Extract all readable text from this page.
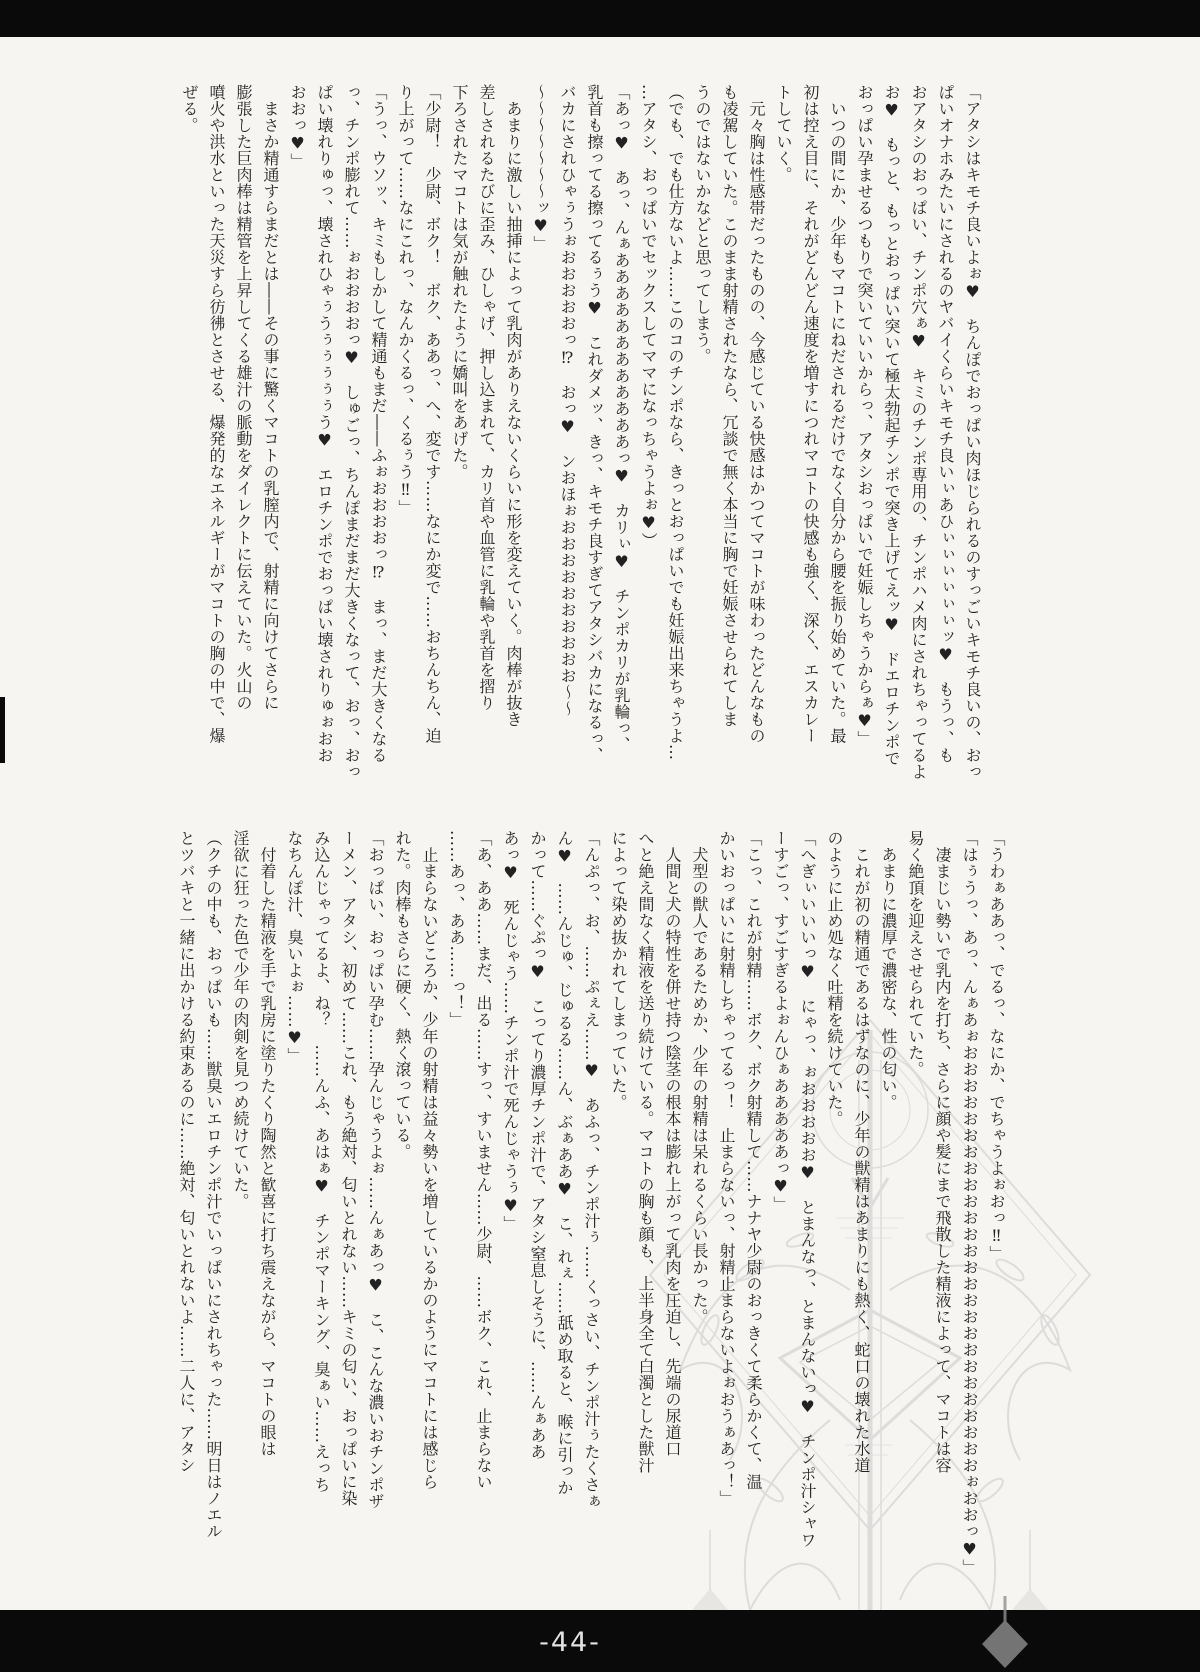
「アタシはキモチ良いよぉ♥　ちんぽでおっぱい肉ほじられるのすっごいキモチ良いの、おっ
ぱいオナホみたいにされるのヤバイくらいキモチ良いぃあひぃぃぃぃぃぃッ♥　もうっ、も
おアタシのおっぱい、チンポ穴ぁ♥　キミのチンポ専用の、チンポハメ肉にされちゃってるよ
お♥　もっと、もっとおっぱい突いて極太勃起チンポで突き上げてえッ♥　ドエロチンポで
おっぱい孕ませるつもりで突いていいからっ、アタシおっぱいで妊娠しちゃうからぁ♥」
　いつの間にか、少年もマコトにねだされるだけでなく自分から腰を振り始めていた。最
初は控え目に、それがどんどん速度を増すにつれマコトの快感も強く、深く、エスカレー
トしていく。
　元々胸は性感帯だったものの、今感じている快感はかつてマコトが味わったどんなもの
も凌駕していた。このまま射精されたなら、冗談で無く本当に胸で妊娠させられてしま
うのではないかなどと思ってしまう。
（でも、でも仕方ないよ……このコのチンポなら、きっとおっぱいでも妊娠出来ちゃうよ…
…アタシ、おっぱいでセックスしてママになっちゃうよぉ♥）
「あっ♥　あっ、んぁああああああああああああっ♥　カリぃ♥　チンポカリが乳輪っ、
乳首も擦ってる擦ってるぅう♥　これダメッ、きっ、キモチ良すぎてアタシバカになるっ、
バカにされひゃぅうぉおおおおおっ⁉　おっ♥　ンおほぉおおおおおおおおおお〜〜
〜〜〜〜〜〜〜ッ♥」
　あまりに激しい抽挿によって乳肉がありえないくらいに形を変えていく。肉棒が抜き
差しされるたびに歪み、ひしゃげ、押し込まれて、カリ首や血管に乳輪や乳首を摺り
下ろされたマコトは気が触れたように嬌叫をあげた。
「少尉！　少尉、ボク！　ボク、ああっ、へ、変です……なにか変で……おちんちん、迫
り上がって……なにこれっ、なんかくるっ、くるぅう‼」
「うっ、ウソッ、キミもしかして精通もまだ――ふぉおおおおっ⁉　まっ、まだ大きくなる
っ、チンポ膨れて……ぉおおおおっ♥　しゅごっ、ちんぽまだまだ大きくなって、おっ、おっ
ぱい壊れりゅっ、壊されひゃぅうぅぅぅぅぅう♥　エロチンポでおっぱい壊されりゅぉおお
おおっ♥」
　まさか精通すらまだとは――その事に驚くマコトの乳膣内で、射精に向けてさらに
膨張した巨肉棒は精管を上昇してくる雄汁の脈動をダイレクトに伝えていた。火山の
噴火や洪水といった天災すら彷彿とさせる、爆発的なエネルギーがマコトの胸の中で、爆
ぜる。
「うわぁああっ、でるっ、なにか、でちゃうよぉおっ‼」
「はぅうっ、あっ、んぁあぉおおおおおおおおおおおおおおおおおおおおおおおおおおぉおおっ♥」
　凄まじい勢いで乳内を打ち、さらに顔や髪にまで飛散した精液によって、マコトは容
易く絶頂を迎えさせられていた。
　あまりに濃厚で濃密な、性の匂い。
　これが初の精通であるはずなのに、少年の獣精はあまりにも熱く、蛇口の壊れた水道
のように止め処なく吐精を続けていた。
「へぎぃいいいっ♥　にゃっ、ぉおおおおお♥　とまんなっ、とまんないっ♥　チンポ汁シャワ
ーすごっ、すごすぎるよぉんひぁあああああっ♥」
「こっ、これが射精……ボク、ボク射精して……ナナヤ少尉のおっきくて柔らかくて、温
かいおっぱいに射精しちゃってるっ！　止まらないっ、射精止まらないよぉおうぁあっ！」
　犬型の獣人であるためか、少年の射精は呆れるくらい長かった。
　人間と犬の特性を併せ持つ陰茎の根本は膨れ上がって乳肉を圧迫し、先端の尿道口
へと絶え間なく精液を送り続けている。マコトの胸も顔も、上半身全て白濁とした獣汁
によって染め抜かれてしまっていた。
「んぷっ、お、……ぷぇえ……♥　あふっ、チンポ汁ぅ……くっさい、チンポ汁ぅたくさぁ
ん♥　……んじゅ、じゅるる……ん、ぶぁああ♥　こ、れぇ……舐め取ると、喉に引っか
かって……ぐぷっ♥　こってり濃厚チンポ汁で、アタシ窒息しそうに、……んぁああ
あっ♥　死んじゃう……チンポ汁で死んじゃうぅ♥」
「あ、ああ……まだ、出る……すっ、すいません……少尉、……ボク、これ、止まらない
……あっ、ああ……っ！」
　止まらないどころか、少年の射精は益々勢いを増しているかのようにマコトには感じら
れた。肉棒もさらに硬く、熱く滾っている。
「おっぱい、おっぱい孕む……孕んじゃうよぉ……んぁあっ♥　こ、こんな濃いおチンポザ
ーメン、アタシ、初めて……これ、もう絶対、匂いとれない……キミの匂い、おっぱいに染
み込んじゃってるよ、ね？　……んふ、あはぁ♥　チンポマーキング、臭ぁい……えっち
なちんぽ汁、臭いよぉ……♥」
　付着した精液を手で乳房に塗りたくり陶然と歓喜に打ち震えながら、マコトの眼は
淫欲に狂った色で少年の肉剣を見つめ続けていた。
（クチの中も、おっぱいも……獣臭いエロチンポ汁でいっぱいにされちゃった……明日はノエル
とツバキと一緒に出かける約束あるのに……絶対、匂いとれないよ……二人に、アタシ
-44-
